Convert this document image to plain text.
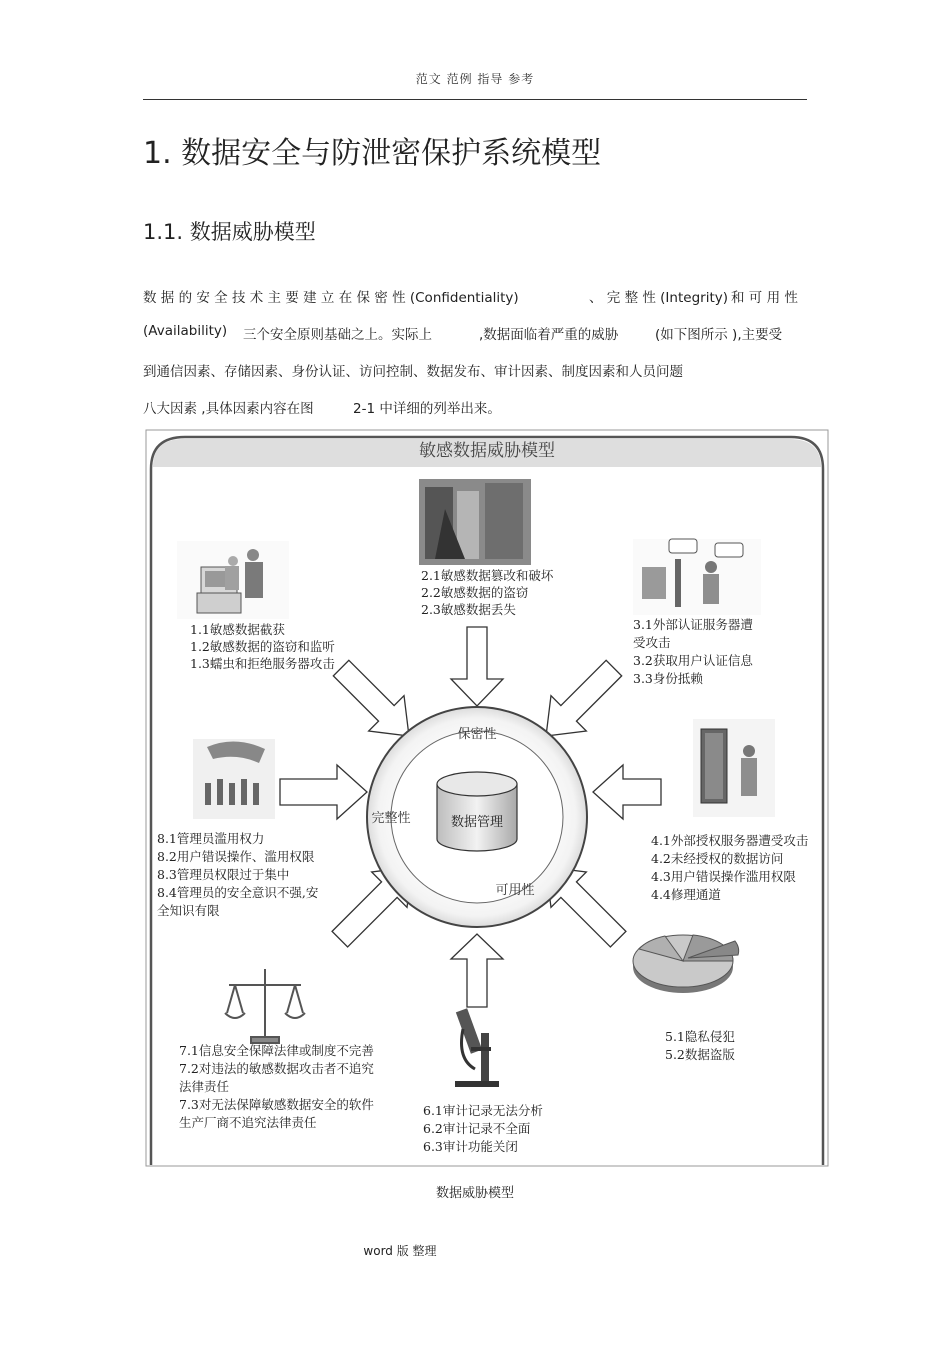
范文 范例 指导 参考
1. 数据安全与防泄密保护系统模型
1.1. 数据威胁模型
数 据 的 安 全 技 术 主 要 建 立 在 保 密 性 (Confidentiality)	、 完 整 性 (Integrity) 和 可 用 性
(Availability) 三个安全原则基础之上。实际上	,数据面临着严重的威胁	(如下图所示 ),主要受
到通信因素、存储因素、身份认证、访问控制、数据发布、审计因素、制度因素和人员问题
八大因素 ,具体因素内容在图	2-1 中详细的列举出来。
敏感数据威胁模型
保密性
完整性
可用性
数据管理
1.1敏感数据截获
1.2敏感数据的盗窃和监听
1.3蠕虫和拒绝服务器攻击
2.1敏感数据篡改和破坏
2.2敏感数据的盗窃
2.3敏感数据丢失
3.1外部认证服务器遭
受攻击
3.2获取用户认证信息
3.3身份抵赖
4.1外部授权服务器遭受攻击
4.2未经授权的数据访问
4.3用户错误操作滥用权限
4.4修理通道
5.1隐私侵犯
5.2数据盗版
6.1审计记录无法分析
6.2审计记录不全面
6.3审计功能关闭
7.1信息安全保障法律或制度不完善
7.2对违法的敏感数据攻击者不追究
法律责任
7.3对无法保障敏感数据安全的软件
生产厂商不追究法律责任
8.1管理员滥用权力
8.2用户错误操作、滥用权限
8.3管理员权限过于集中
8.4管理员的安全意识不强,安
全知识有限
数据威胁模型
word 版 整理
